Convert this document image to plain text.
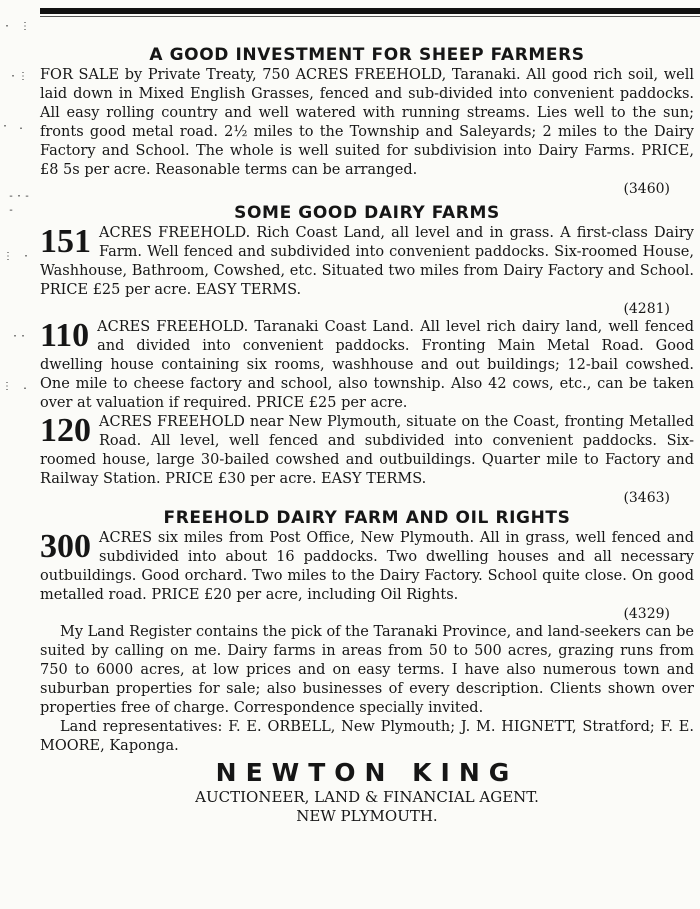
· ⋮
·⋮
· .
-·- -
⋮ ·
··
⋮ .
A GOOD INVESTMENT FOR SHEEP FARMERS

FOR SALE by Private Treaty, 750 ACRES FREEHOLD, Taranaki. All good rich soil, well laid down in Mixed English Grasses, fenced and sub-divided into convenient paddocks. All easy rolling country and well watered with running streams. Lies well to the sun; fronts good metal road. 2½ miles to the Township and Saleyards; 2 miles to the Dairy Factory and School. The whole is well suited for subdivision into Dairy Farms. PRICE, £8 5s per acre. Reasonable terms can be arranged.

(3460)

SOME GOOD DAIRY FARMS
151 ACRES FREEHOLD. Rich Coast Land, all level and in grass. A first-class Dairy Farm. Well fenced and subdivided into convenient paddocks. Six-roomed House, Washhouse, Bathroom, Cowshed, etc. Situated two miles from Dairy Factory and School. PRICE £25 per acre. EASY TERMS.

(4281)

110 ACRES FREEHOLD. Taranaki Coast Land. All level rich dairy land, well fenced and divided into convenient paddocks. Fronting Main Metal Road. Good dwelling house containing six rooms, washhouse and out buildings; 12-bail cowshed. One mile to cheese factory and school, also township. Also 42 cows, etc., can be taken over at valuation if required. PRICE £25 per acre.

120 ACRES FREEHOLD near New Plymouth, situate on the Coast, fronting Metalled Road. All level, well fenced and subdivided into convenient paddocks. Six-roomed house, large 30-bailed cowshed and outbuildings. Quarter mile to Factory and Railway Station. PRICE £30 per acre. EASY TERMS.

(3463)

FREEHOLD DAIRY FARM AND OIL RIGHTS
300 ACRES six miles from Post Office, New Plymouth. All in grass, well fenced and subdivided into about 16 paddocks. Two dwelling houses and all necessary outbuildings. Good orchard. Two miles to the Dairy Factory. School quite close. On good metalled road. PRICE £20 per acre, including Oil Rights.

(4329)

My Land Register contains the pick of the Taranaki Province, and land-seekers can be suited by calling on me. Dairy farms in areas from 50 to 500 acres, grazing runs from 750 to 6000 acres, at low prices and on easy terms. I have also numerous town and suburban properties for sale; also businesses of every description. Clients shown over properties free of charge. Correspondence specially invited.

Land representatives: F. E. ORBELL, New Plymouth; J. M. HIGNETT, Stratford; F. E. MOORE, Kaponga.

NEWTON KING

AUCTIONEER, LAND & FINANCIAL AGENT.

NEW PLYMOUTH.
